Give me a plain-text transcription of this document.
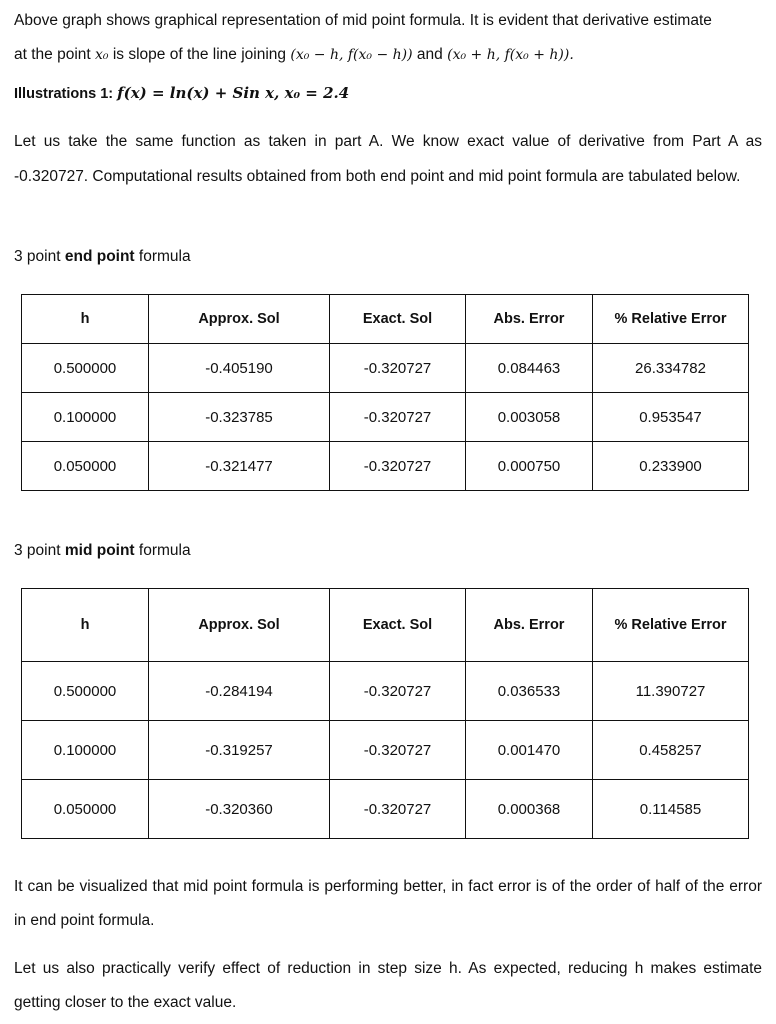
Above graph shows graphical representation of mid point formula. It is evident that derivative estimate
at the point x₀ is slope of the line joining (x₀ − h, f(x₀ − h)) and (x₀ + h, f(x₀ + h)).

Illustrations 1: f(x) = ln(x) + Sin x, x₀ = 2.4

Let us take the same function as taken in part A. We know exact value of derivative from Part A as -0.320727. Computational results obtained from both end point and mid point formula are tabulated below.

3 point end point formula

h	Approx. Sol	Exact. Sol	Abs. Error	% Relative Error
0.500000	-0.405190	-0.320727	0.084463	26.334782
0.100000	-0.323785	-0.320727	0.003058	0.953547
0.050000	-0.321477	-0.320727	0.000750	0.233900

3 point mid point formula

h	Approx. Sol	Exact. Sol	Abs. Error	% Relative Error
0.500000	-0.284194	-0.320727	0.036533	11.390727
0.100000	-0.319257	-0.320727	0.001470	0.458257
0.050000	-0.320360	-0.320727	0.000368	0.114585

It can be visualized that mid point formula is performing better, in fact error is of the order of half of the error in end point formula.

Let us also practically verify effect of reduction in step size h. As expected, reducing h makes estimate getting closer to the exact value.
